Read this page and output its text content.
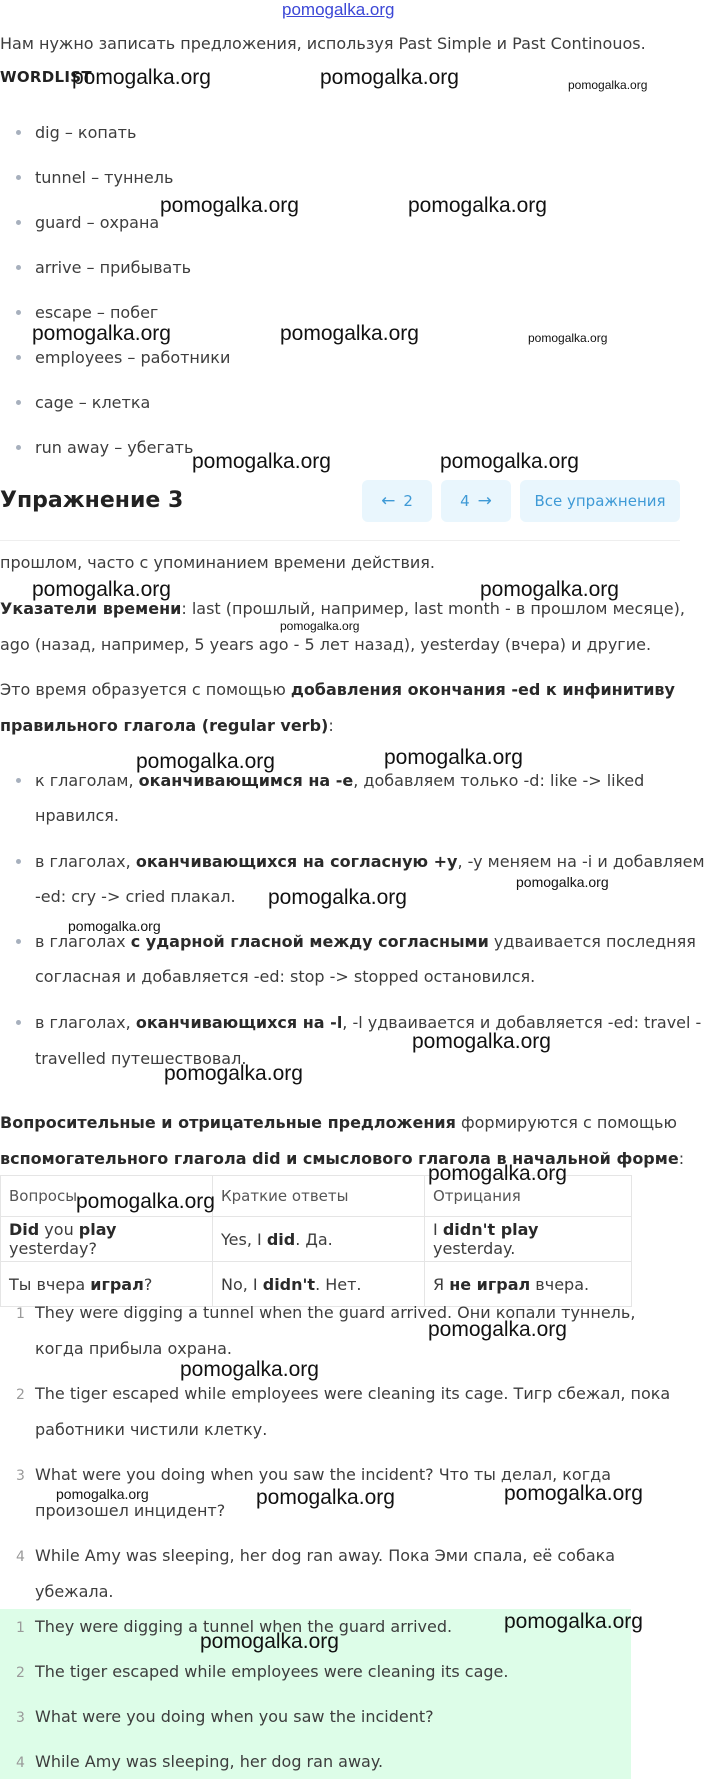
pomogalka.org
Нам нужно записать предложения, используя Past Simple и Past Continouos.
WORDLIST
dig – копать
tunnel – туннель
guard – охрана
arrive – прибывать
escape – побег
employees – работники
cage – клетка
run away – убегать
Упражнение 3	← 2	4 →	Все упражнения
прошлом, часто с упоминанием времени действия.
Указатели времени: last (прошлый, например, last month - в прошлом месяце),
ago (назад, например, 5 years ago - 5 лет назад), yesterday (вчера) и другие.
Это время образуется с помощью добавления окончания -ed к инфинитиву
правильного глагола (regular verb):
к глаголам, оканчивающимся на -e, добавляем только -d: like -> liked
нравился.
в глаголах, оканчивающихся на согласную +y, -y меняем на -i и добавляем
-ed: cry -> cried плакал.
в глаголах с ударной гласной между согласными удваивается последняя
согласная и добавляется -ed: stop -> stopped остановился.
в глаголах, оканчивающихся на -l, -l удваивается и добавляется -ed: travel -
travelled путешествовал.
Вопросительные и отрицательные предложения формируются с помощью
вспомогательного глагола did и смыслового глагола в начальной форме:
Вопросы	Краткие ответы	Отрицания
Did you play yesterday?	Yes, I did. Да.	I didn't play yesterday.
Ты вчера играл?	No, I didn't. Нет.	Я не играл вчера.
1 They were digging a tunnel when the guard arrived. Они копали туннель,
когда прибыла охрана.
2 The tiger escaped while employees were cleaning its cage. Тигр сбежал, пока
работники чистили клетку.
3 What were you doing when you saw the incident? Что ты делал, когда
произошел инцидент?
4 While Amy was sleeping, her dog ran away. Пока Эми спала, её собака
убежала.
1 They were digging a tunnel when the guard arrived.
2 The tiger escaped while employees were cleaning its cage.
3 What were you doing when you saw the incident?
4 While Amy was sleeping, her dog ran away.
pomogalka.org	pomogalka.org	pomogalka.org
pomogalka.org	pomogalka.org
pomogalka.org	pomogalka.org	pomogalka.org
pomogalka.org	pomogalka.org
pomogalka.org	pomogalka.org
pomogalka.org
pomogalka.org	pomogalka.org
pomogalka.org
pomogalka.org
pomogalka.org
pomogalka.org
pomogalka.org
pomogalka.org
pomogalka.org
pomogalka.org
pomogalka.org
pomogalka.org	pomogalka.org	pomogalka.org
pomogalka.org
pomogalka.org
